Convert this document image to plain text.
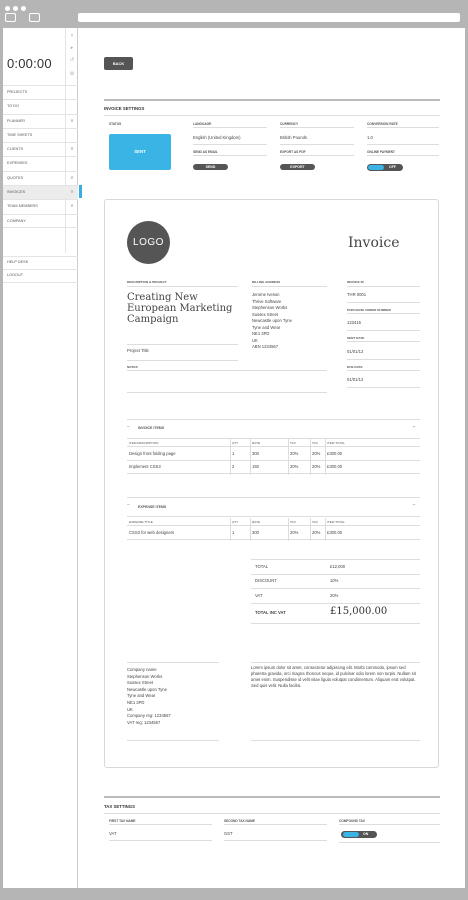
0:00:00
×
▸
↺
⚙
PROJECTS
TO DO
PLANNER	∨
TIME SHEETS
CLIENTS	∨
EXPENSES
QUOTES	∨
INVOICES	∨
TEAM MEMBERS	∨
COMPANY
HELP DESK
LOGOUT
BACK
INVOICE SETTINGS
STATUS
SENT
LANGUAGE
English (United Kingdom)
CURRENCY
British Pounds
CONVERSION RATE
1.0
SEND AS EMAIL
SEND
EXPORT AS PDF
EXPORT
ONLINE PAYMENT
OFF
LOGO	Invoice
DESCRIPTION & PROJECT
Creating New European Marketing Campaign
Project Title
BILLING ADDRESS
Jerome Iveson
Thrive Software
Stephenson Works
Sussex Street
Newcastle upon Tyne
Tyne and Wear
NE1 3PD
UK
ABN 1234567
INVOICE ID
THR 0001
PURCHASE ORDER NUMBER
123415
SENT DATE
01/01/12
DUE DATE
01/01/12
NOTES
– INVOICE ITEMS	⌐
ITEM DESCRIPTION	QTY	RATE	TAX	TAX	ITEM TOTAL
Design front folding page	1	300	20%	20% £300.00
Implement CSS3	2	150	20%	20% £300.00
– EXPENSE ITEMS	⌐
EXPENSE TITLE	QTY	RATE	TAX	TAX	ITEM TOTAL
CSS3 for web designers	1	300	20%	20% £300.00
TOTAL	£12,000
DISCOUNT	10%
VAT	20%
TOTAL INC VAT	£15,000.00
Company name
Stephenson Works
Sussex Street
Newcastle upon Tyne
Tyne and Wear
NE1 3PD
UK
Company reg: 1234567
VAT reg: 1234567
Lorem ipsum dolor sit amet, consectetur adipiscing elit. Morbi commodo, ipsum sed pharetra gravida, orci magna rhoncus neque, id pulvinar odio lorem non turpis. Nullam sit amet enim. Suspendisse id velit vitae ligula volutpat condimentum. Aliquam erat volutpat. Sed quis velit. Nulla facilisi.
TAX SETTINGS
FIRST TAX NAME
VAT
SECOND TAX NAME
GST
COMPOUND TAX
ON
